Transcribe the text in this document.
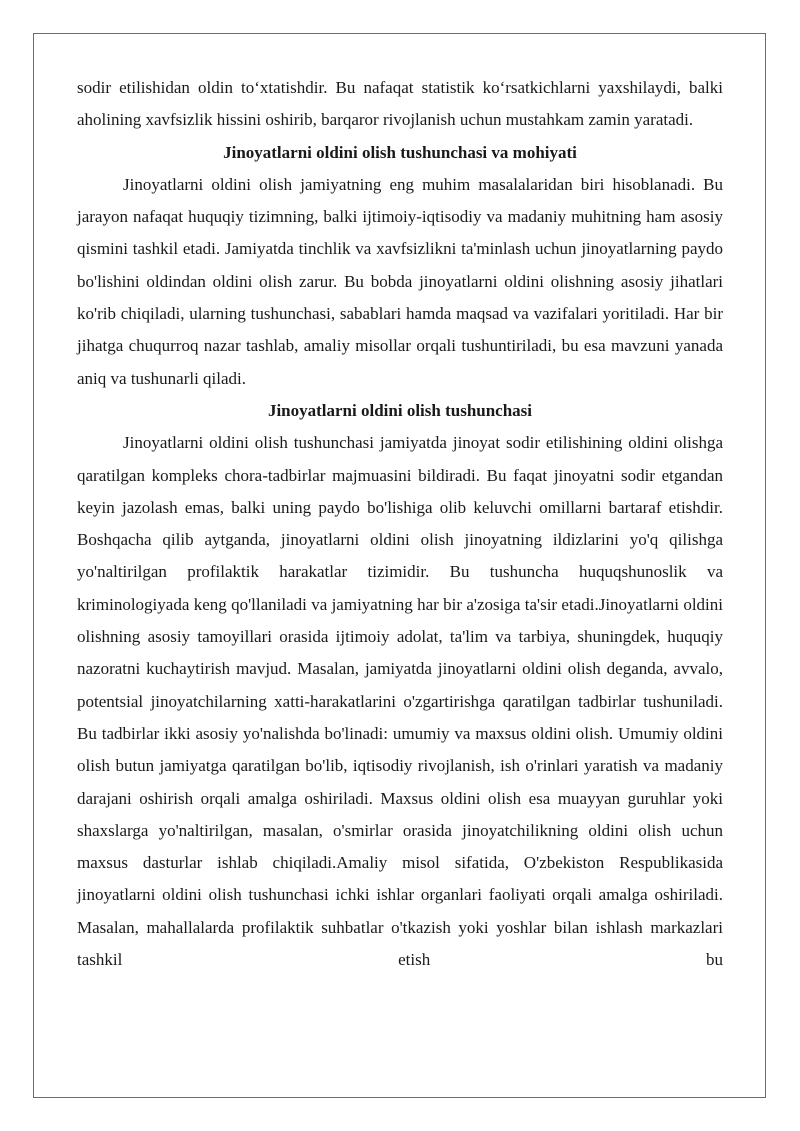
sodir etilishidan oldin to‘xtatishdir. Bu nafaqat statistik ko‘rsatkichlarni yaxshilaydi, balki aholining xavfsizlik hissini oshirib, barqaror rivojlanish uchun mustahkam zamin yaratadi.

Jinoyatlarni oldini olish tushunchasi va mohiyati

Jinoyatlarni oldini olish jamiyatning eng muhim masalalaridan biri hisoblanadi. Bu jarayon nafaqat huquqiy tizimning, balki ijtimoiy-iqtisodiy va madaniy muhitning ham asosiy qismini tashkil etadi. Jamiyatda tinchlik va xavfsizlikni ta'minlash uchun jinoyatlarning paydo bo'lishini oldindan oldini olish zarur. Bu bobda jinoyatlarni oldini olishning asosiy jihatlari ko'rib chiqiladi, ularning tushunchasi, sabablari hamda maqsad va vazifalari yoritiladi. Har bir jihatga chuqurroq nazar tashlab, amaliy misollar orqali tushuntiriladi, bu esa mavzuni yanada aniq va tushunarli qiladi.

Jinoyatlarni oldini olish tushunchasi

Jinoyatlarni oldini olish tushunchasi jamiyatda jinoyat sodir etilishining oldini olishga qaratilgan kompleks chora-tadbirlar majmuasini bildiradi. Bu faqat jinoyatni sodir etgandan keyin jazolash emas, balki uning paydo bo'lishiga olib keluvchi omillarni bartaraf etishdir. Boshqacha qilib aytganda, jinoyatlarni oldini olish jinoyatning ildizlarini yo'q qilishga yo'naltirilgan profilaktik harakatlar tizimidir. Bu tushuncha huquqshunoslik va kriminologiyada keng qo'llaniladi va jamiyatning har bir a'zosiga ta'sir etadi.Jinoyatlarni oldini olishning asosiy tamoyillari orasida ijtimoiy adolat, ta'lim va tarbiya, shuningdek, huquqiy nazoratni kuchaytirish mavjud. Masalan, jamiyatda jinoyatlarni oldini olish deganda, avvalo, potentsial jinoyatchilarning xatti-harakatlarini o'zgartirishga qaratilgan tadbirlar tushuniladi. Bu tadbirlar ikki asosiy yo'nalishda bo'linadi: umumiy va maxsus oldini olish. Umumiy oldini olish butun jamiyatga qaratilgan bo'lib, iqtisodiy rivojlanish, ish o'rinlari yaratish va madaniy darajani oshirish orqali amalga oshiriladi. Maxsus oldini olish esa muayyan guruhlar yoki shaxslarga yo'naltirilgan, masalan, o'smirlar orasida jinoyatchilikning oldini olish uchun maxsus dasturlar ishlab chiqiladi.Amaliy misol sifatida, O'zbekiston Respublikasida jinoyatlarni oldini olish tushunchasi ichki ishlar organlari faoliyati orqali amalga oshiriladi. Masalan, mahallalarda profilaktik suhbatlar o'tkazish yoki yoshlar bilan ishlash markazlari tashkil etish bu
